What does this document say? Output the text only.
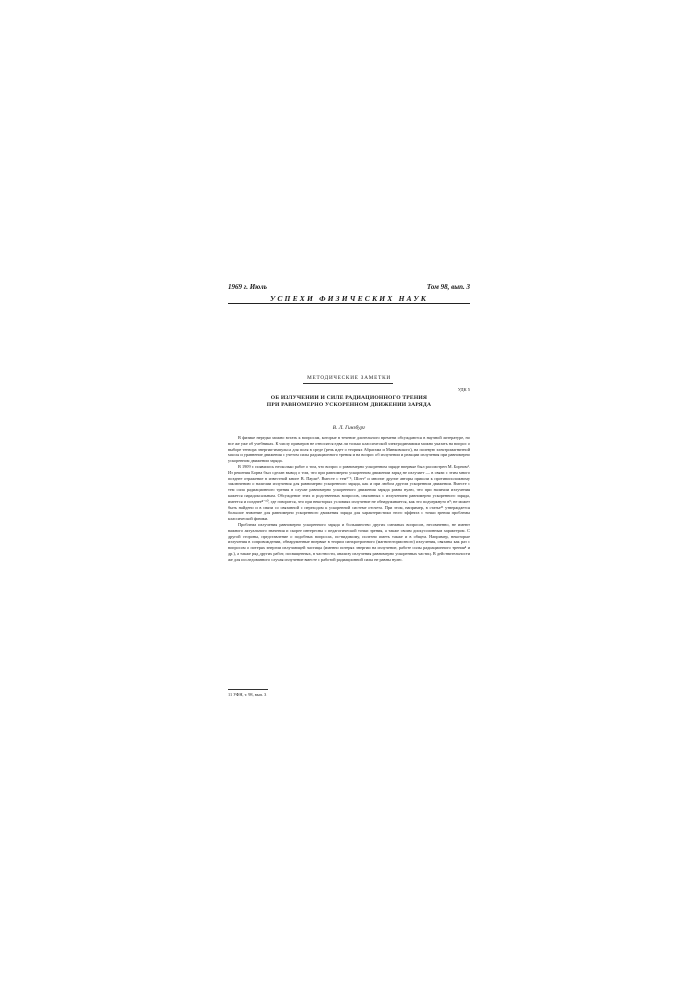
1969 г. Июль	Том 98, вып. 3
УСПЕХИ ФИЗИЧЕСКИХ НАУК
МЕТОДИЧЕСКИЕ ЗАМЕТКИ
УДК 5
ОБ ИЗЛУЧЕНИИ И СИЛЕ РАДИАЦИОННОГО ТРЕНИЯ
ПРИ РАВНОМЕРНО УСКОРЕННОМ ДВИЖЕНИИ ЗАРЯДА
В. Л. Гинзбург

В физике нередко можно встать к вопросам, которые в течение длительного времени обсуждаются в научной литературе, но все же уже об учебниках. К числу примеров не относятся едва ли только классической электродинамики можно указать на вопрос о выборе тензора энергии-импульса для поля в среде (речь идет о теориях Абрагама и Минковского), на полевую электромагнитной массы и уравнение движения с учетом силы радиационного трения и на вопрос об излучении и реакции излучения при равномерно ускоренном движении заряда.

В 1909 г. появилось несколько работ о том, что вопрос о равномерно ускоренном заряде впервые был рассмотрен М. Борном¹. Из решения Борна был сделан вывод о том, что при равномерно ускоренном движении заряд не излучает — в связи с этим много позднее отражение в известной книге В. Паули². Вместе с тем³⁻⁶, Шотт⁷ и многие другие авторы пришли к противоположному заключению о наличии излучения для равномерно ускоренного заряда, как и при любом другом ускоренном движении. Вместе с тем сила радиационного трения в случае равномерно ускоренного движения заряда равна нулю, что при наличии излучения кажется парадоксальным. Обсуждение этих и родственных вопросов, связанных с излучением равномерно ускоренного заряда, имеется и позднее⁸⁻¹⁰, где говорится, что при некоторых условиях излучение не обнаруживается, как это подчеркнуто в⁹; не может быть найдено и в связи со связанной с переходом к ускоренной системе отсчета. При этом, например, в статье¹¹ утверждается большое значение для равномерно ускоренного движения заряда для характеристики этого эффекта с точки зрения проблемы классической физики.

Проблема излучения равномерно ускоренного заряда и большинство других смежных вопросов, несомненно, не имеют важного актуального значения и скорее интересны с педагогической точки зрения, а также своим дискуссионным характером. С другой стороны, представление о подобных вопросах, по-видимому, полезно иметь также и в общем. Например, некоторые излучения в сопровождении, обнаруженные впервые в теории синхротронного (магнитотормозного) излучения, связаны как раз с вопросом о потерях энергии излучающей частицы (именно потерях энергии на излучение, работе силы радиационного трения⁴ и др.), а также ряд других работ, посвященных, в частности, анализу излучения равномерно ускоренных частиц. В действительности же для исследованного случая излучение вместе с работой радиационной силы не равны нулю.

11 УФН, т. 98, вып. 3
